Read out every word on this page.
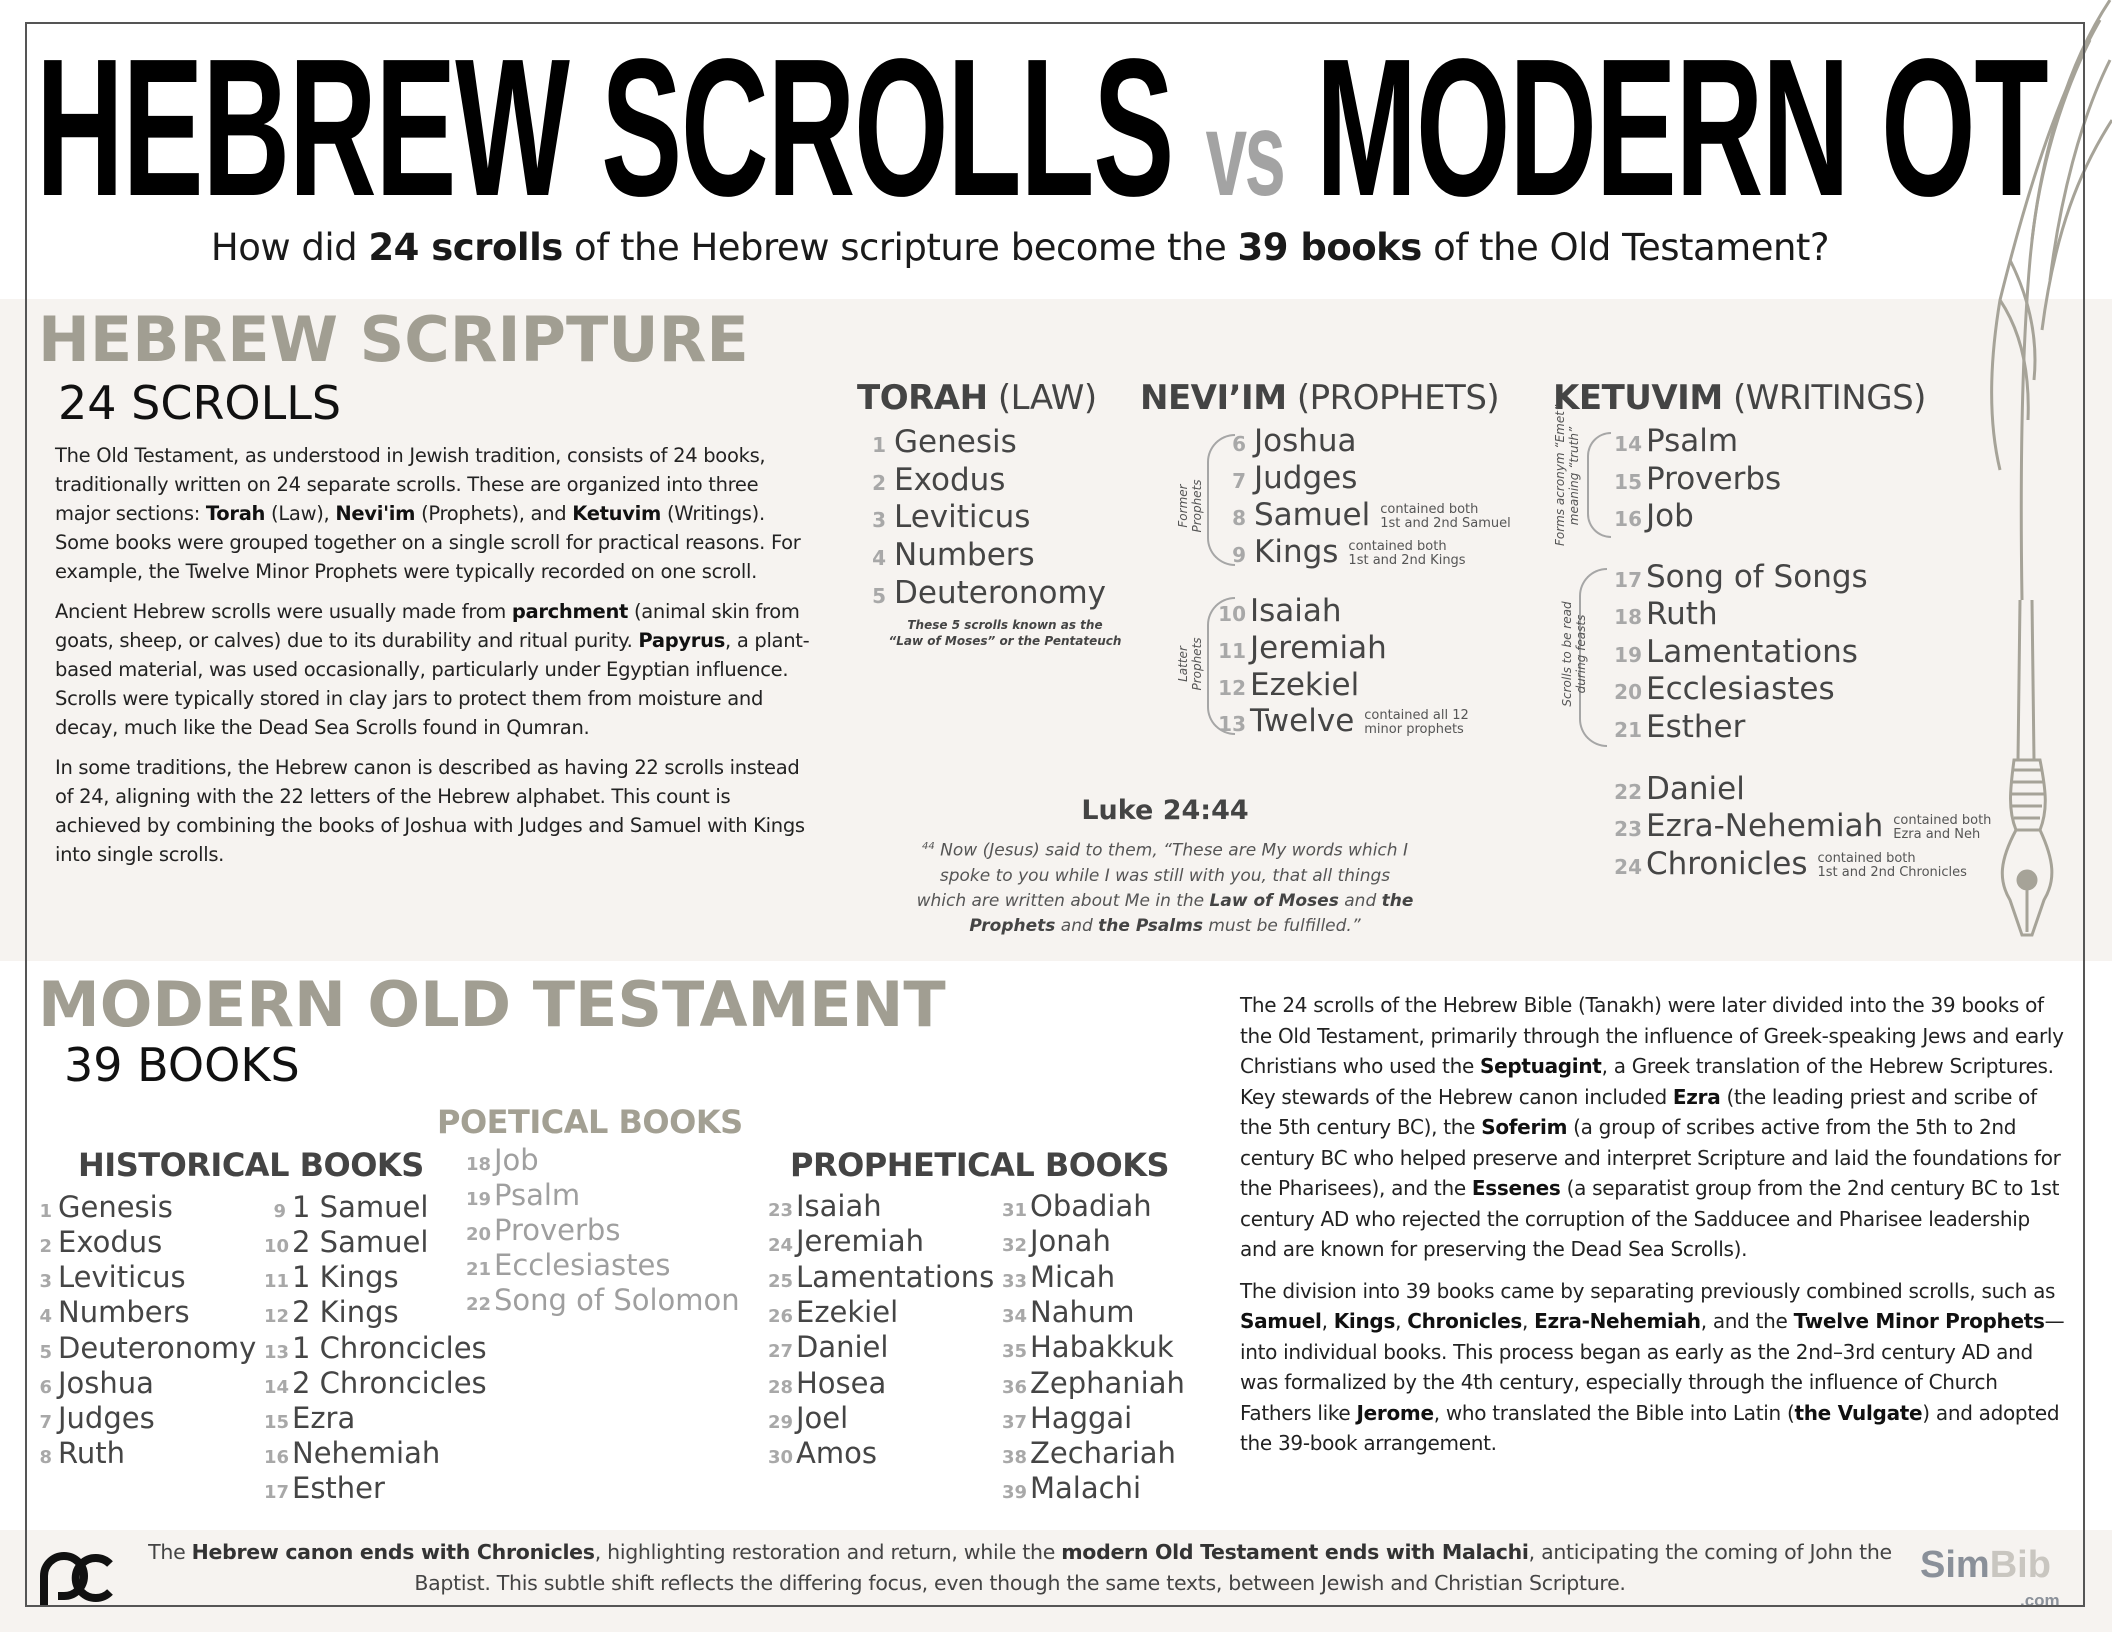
HEBREW SCROLLS vs MODERN OT
How did 24 scrolls of the Hebrew scripture become the 39 books of the Old Testament?
HEBREW SCRIPTURE
24 SCROLLS

The Old Testament, as understood in Jewish tradition, consists of 24 books, traditionally written on 24 separate scrolls. These are organized into three major sections: Torah (Law), Nevi'im (Prophets), and Ketuvim (Writings). Some books were grouped together on a single scroll for practical reasons. For example, the Twelve Minor Prophets were typically recorded on one scroll.

Ancient Hebrew scrolls were usually made from parchment (animal skin from goats, sheep, or calves) due to its durability and ritual purity. Papyrus, a plant-based material, was used occasionally, particularly under Egyptian influence. Scrolls were typically stored in clay jars to protect them from moisture and decay, much like the Dead Sea Scrolls found in Qumran.

In some traditions, the Hebrew canon is described as having 22 scrolls instead of 24, aligning with the 22 letters of the Hebrew alphabet. This count is achieved by combining the books of Joshua with Judges and Samuel with Kings into single scrolls.

TORAH (LAW)
1 Genesis
2 Exodus
3 Leviticus
4 Numbers
5 Deuteronomy
These 5 scrolls known as the
“Law of Moses” or the Pentateuch
NEVI’IM (PROPHETS)
Former Prophets
Latter Prophets
6 Joshua
7 Judges
8 Samuel contained both
1st and 2nd Samuel
9 Kings contained both
1st and 2nd Kings
10 Isaiah
11 Jeremiah
12 Ezekiel
13 Twelve contained all 12
minor prophets
KETUVIM (WRITINGS)
Forms acronym “Emet” meaning “truth”
Scrolls to be read during feasts
14 Psalm
15 Proverbs
16 Job
17 Song of Songs
18 Ruth
19 Lamentations
20 Ecclesiastes
21 Esther
22 Daniel
23 Ezra-Nehemiah contained both
Ezra and Neh
24 Chronicles contained both
1st and 2nd Chronicles
Luke 24:44
$^{44}$ Now (Jesus) said to them, “These are My words which I
spoke to you while I was still with you, that all things
which are written about Me in the Law of Moses and the
Prophets and the Psalms must be fulfilled.”
MODERN OLD TESTAMENT
39 BOOKS
HISTORICAL BOOKS
POETICAL BOOKS
PROPHETICAL BOOKS
1 Genesis
2 Exodus
3 Leviticus
4 Numbers
5 Deuteronomy
6 Joshua
7 Judges
8 Ruth
9 1 Samuel
10 2 Samuel
11 1 Kings
12 2 Kings
13 1 Chroncicles
14 2 Chroncicles
15 Ezra
16 Nehemiah
17 Esther
18 Job
19 Psalm
20 Proverbs
21 Ecclesiastes
22 Song of Solomon
23 Isaiah
24 Jeremiah
25 Lamentations
26 Ezekiel
27 Daniel
28 Hosea
29 Joel
30 Amos
31 Obadiah
32 Jonah
33 Micah
34 Nahum
35 Habakkuk
36 Zephaniah
37 Haggai
38 Zechariah
39 Malachi

The 24 scrolls of the Hebrew Bible (Tanakh) were later divided into the 39 books of the Old Testament, primarily through the influence of Greek-speaking Jews and early Christians who used the Septuagint, a Greek translation of the Hebrew Scriptures. Key stewards of the Hebrew canon included Ezra (the leading priest and scribe of the 5th century BC), the Soferim (a group of scribes active from the 5th to 2nd century BC who helped preserve and interpret Scripture and laid the foundations for the Pharisees), and the Essenes (a separatist group from the 2nd century BC to 1st century AD who rejected the corruption of the Sadducee and Pharisee leadership and are known for preserving the Dead Sea Scrolls).

The division into 39 books came by separating previously combined scrolls, such as Samuel, Kings, Chronicles, Ezra-Nehemiah, and the Twelve Minor Prophets—into individual books. This process began as early as the 2nd–3rd century AD and was formalized by the 4th century, especially through the influence of Church Fathers like Jerome, who translated the Bible into Latin (the Vulgate) and adopted the 39-book arrangement.

The Hebrew canon ends with Chronicles, highlighting restoration and return, while the modern Old Testament ends with Malachi, anticipating the coming of John the Baptist. This subtle shift reflects the differing focus, even though the same texts, between Jewish and Christian Scripture.	SimBib
.com
